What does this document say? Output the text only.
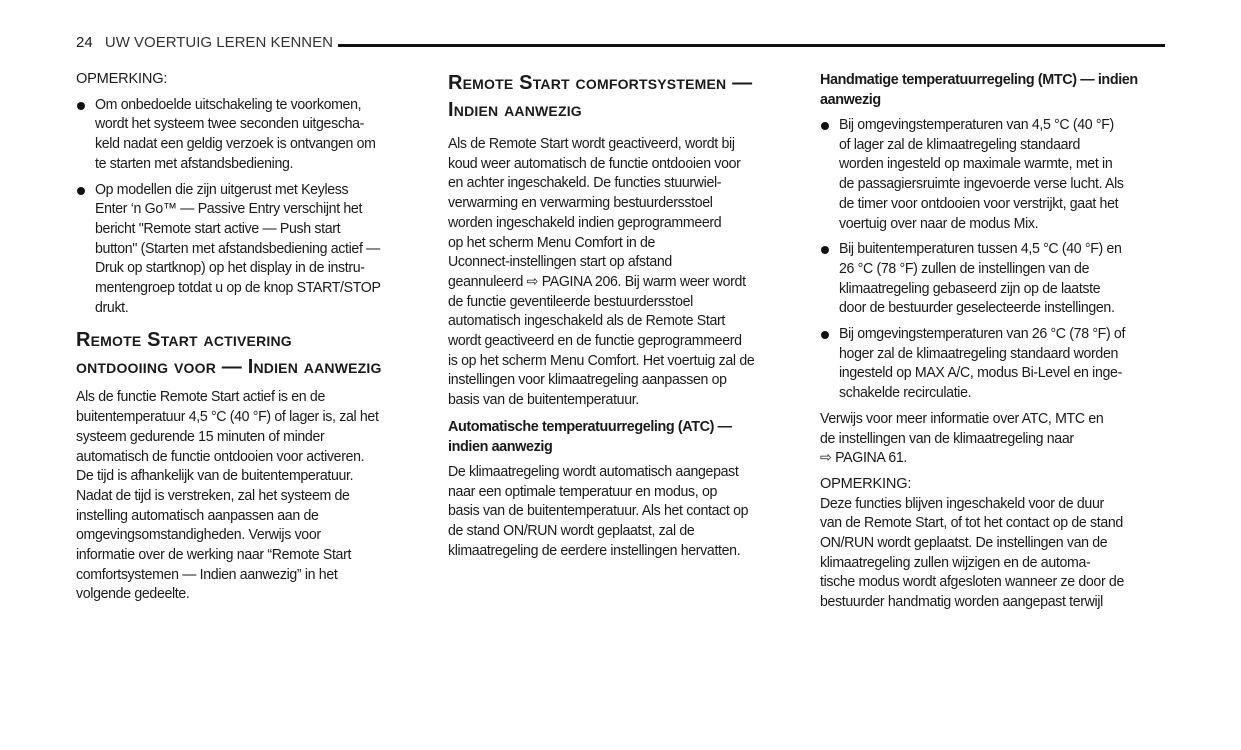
24 UW VOERTUIG LEREN KENNEN
OPMERKING:
Om onbedoelde uitschakeling te voorkomen,
wordt het systeem twee seconden uitgescha-
keld nadat een geldig verzoek is ontvangen om
te starten met afstandsbediening.
Op modellen die zijn uitgerust met Keyless
Enter ‘n Go™ — Passive Entry verschijnt het
bericht "Remote start active — Push start
button" (Starten met afstandsbediening actief —
Druk op startknop) op het display in de instru-
mentengroep totdat u op de knop START/STOP
drukt.
Remote Start activering
ontdooiing voor — Indien aanwezig
Als de functie Remote Start actief is en de
buitentemperatuur 4,5 °C (40 °F) of lager is, zal het
systeem gedurende 15 minuten of minder
automatisch de functie ontdooien voor activeren.
De tijd is afhankelijk van de buitentemperatuur.
Nadat de tijd is verstreken, zal het systeem de
instelling automatisch aanpassen aan de
omgevingsomstandigheden. Verwijs voor
informatie over de werking naar “Remote Start
comfortsystemen — Indien aanwezig” in het
volgende gedeelte.
Remote Start comfortsystemen —
Indien aanwezig
Als de Remote Start wordt geactiveerd, wordt bij
koud weer automatisch de functie ontdooien voor
en achter ingeschakeld. De functies stuurwiel-
verwarming en verwarming bestuurdersstoel
worden ingeschakeld indien geprogrammeerd
op het scherm Menu Comfort in de
Uconnect-instellingen start op afstand
geannuleerd ⇨ PAGINA 206. Bij warm weer wordt
de functie geventileerde bestuurdersstoel
automatisch ingeschakeld als de Remote Start
wordt geactiveerd en de functie geprogrammeerd
is op het scherm Menu Comfort. Het voertuig zal de
instellingen voor klimaatregeling aanpassen op
basis van de buitentemperatuur.
Automatische temperatuurregeling (ATC) —
indien aanwezig
De klimaatregeling wordt automatisch aangepast
naar een optimale temperatuur en modus, op
basis van de buitentemperatuur. Als het contact op
de stand ON/RUN wordt geplaatst, zal de
klimaatregeling de eerdere instellingen hervatten.
Handmatige temperatuurregeling (MTC) — indien
aanwezig
Bij omgevingstemperaturen van 4,5 °C (40 °F)
of lager zal de klimaatregeling standaard
worden ingesteld op maximale warmte, met in
de passagiersruimte ingevoerde verse lucht. Als
de timer voor ontdooien voor verstrijkt, gaat het
voertuig over naar de modus Mix.
Bij buitentemperaturen tussen 4,5 °C (40 °F) en
26 °C (78 °F) zullen de instellingen van de
klimaatregeling gebaseerd zijn op de laatste
door de bestuurder geselecteerde instellingen.
Bij omgevingstemperaturen van 26 °C (78 °F) of
hoger zal de klimaatregeling standaard worden
ingesteld op MAX A/C, modus Bi-Level en inge-
schakelde recirculatie.
Verwijs voor meer informatie over ATC, MTC en
de instellingen van de klimaatregeling naar
⇨ PAGINA 61.
OPMERKING:
Deze functies blijven ingeschakeld voor de duur
van de Remote Start, of tot het contact op de stand
ON/RUN wordt geplaatst. De instellingen van de
klimaatregeling zullen wijzigen en de automa-
tische modus wordt afgesloten wanneer ze door de
bestuurder handmatig worden aangepast terwijl
